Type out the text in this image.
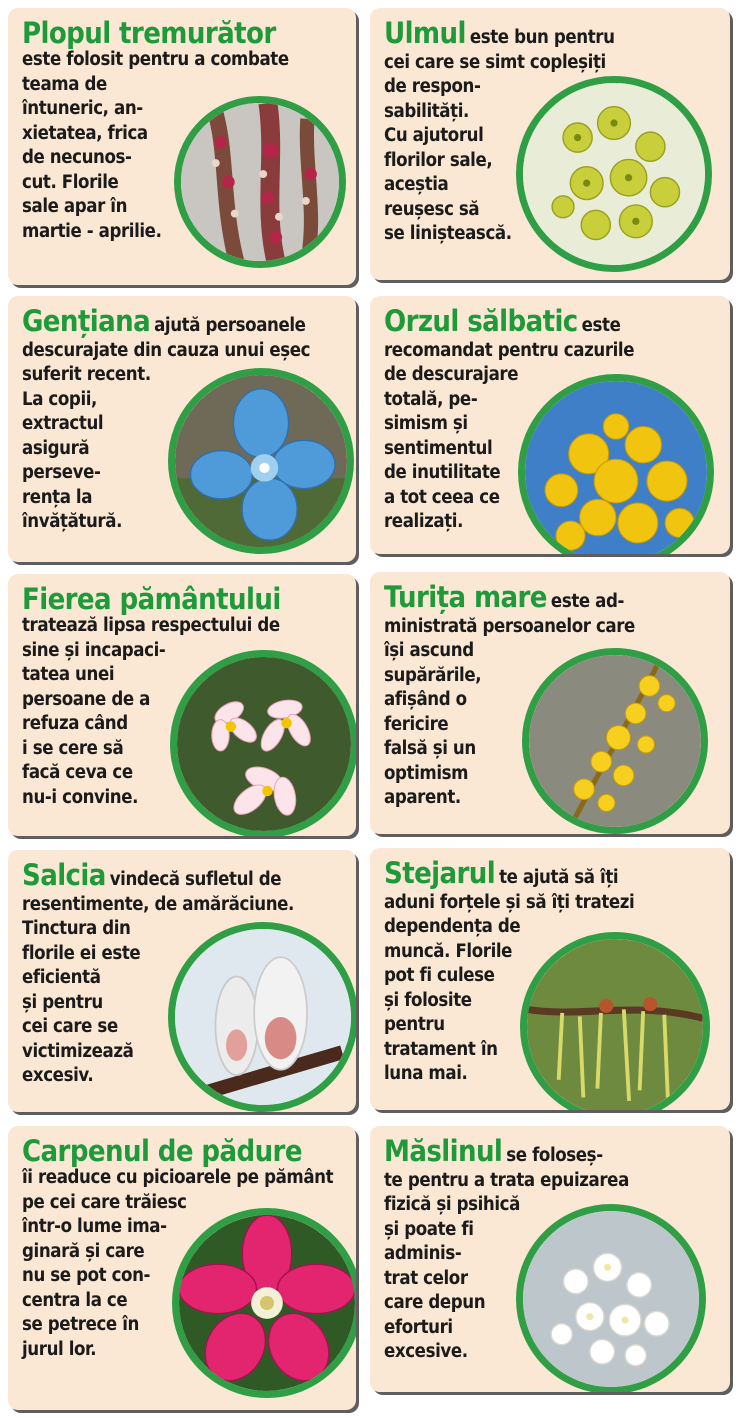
Plopul tremurător
este folosit pentru a combate
teama de
întuneric, an-
xietatea, frica
de necunos-
cut. Florile
sale apar în
martie - aprilie.
Ulmul este bun pentru
cei care se simt copleșiți
de respon-
sabilități.
Cu ajutorul
florilor sale,
aceștia
reușesc să
se liniștească.
Gențiana ajută persoanele
descurajate din cauza unui eșec
suferit recent.
La copii,
extractul
asigură
perseve-
rența la
învățătură.
Orzul sălbatic este
recomandat pentru cazurile
de descurajare
totală, pe-
simism și
sentimentul
de inutilitate
a tot ceea ce
realizați.
Fierea pământului
tratează lipsa respectului de
sine și incapaci-
tatea unei
persoane de a
refuza când
i se cere să
facă ceva ce
nu-i convine.
Turița mare este ad-
ministrată persoanelor care
își ascund
supărările,
afișând o
fericire
falsă și un
optimism
aparent.
Salcia vindecă sufletul de
resentimente, de amărăciune.
Tinctura din
florile ei este
eficientă
și pentru
cei care se
victimizează
excesiv.
Stejarul te ajută să îți
aduni forțele și să îți tratezi
dependența de
muncă. Florile
pot fi culese
și folosite
pentru
tratament în
luna mai.
Carpenul de pădure
îi readuce cu picioarele pe pământ
pe cei care trăiesc
într-o lume ima-
ginară și care
nu se pot con-
centra la ce
se petrece în
jurul lor.
Măslinul se foloseș-
te pentru a trata epuizarea
fizică și psihică
și poate fi
adminis-
trat celor
care depun
eforturi
excesive.
